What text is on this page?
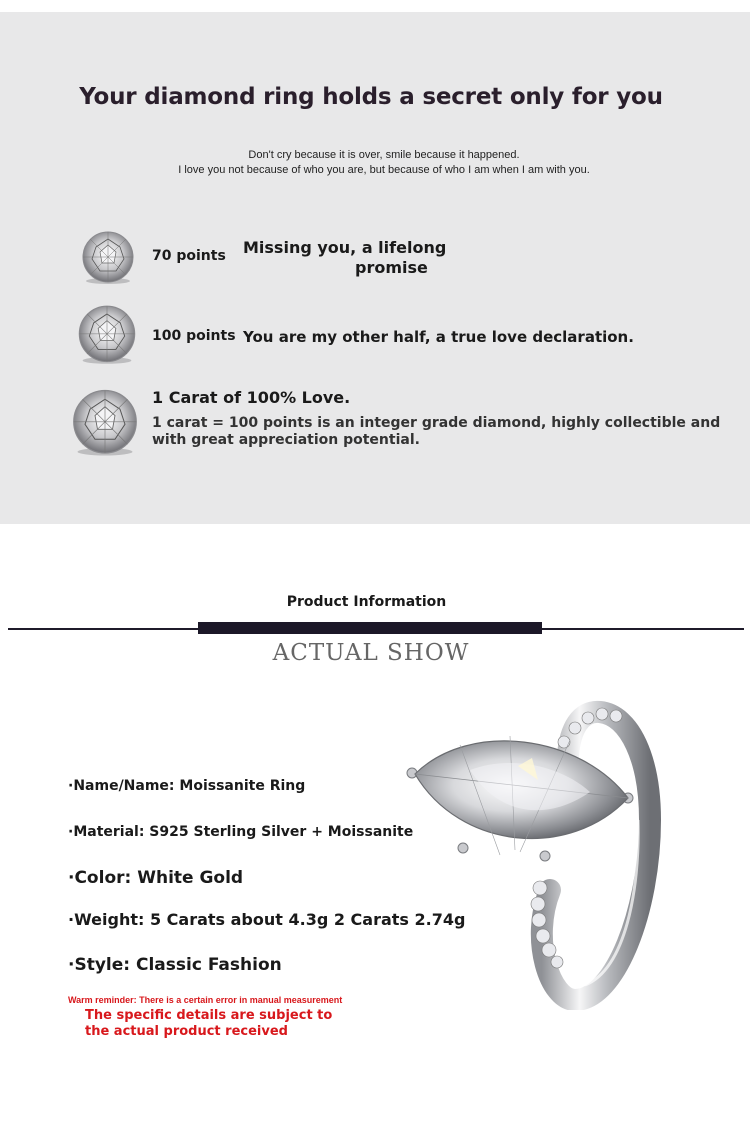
Your diamond ring holds a secret only for you
Don't cry because it is over, smile because it happened.
I love you not because of who you are, but because of who I am when I am with you.
70 points Missing you, a lifelong
promise
100 points You are my other half, a true love declaration.
1 Carat of 100% Love.
1 carat = 100 points is an integer grade diamond, highly collectible and with great appreciation potential.
Product Information
ACTUAL SHOW
·Name/Name: Moissanite Ring
·Material: S925 Sterling Silver + Moissanite
·Color: White Gold
·Weight: 5 Carats about 4.3g 2 Carats 2.74g
·Style: Classic Fashion
Warm reminder: There is a certain error in manual measurement
The specific details are subject to the actual product received
